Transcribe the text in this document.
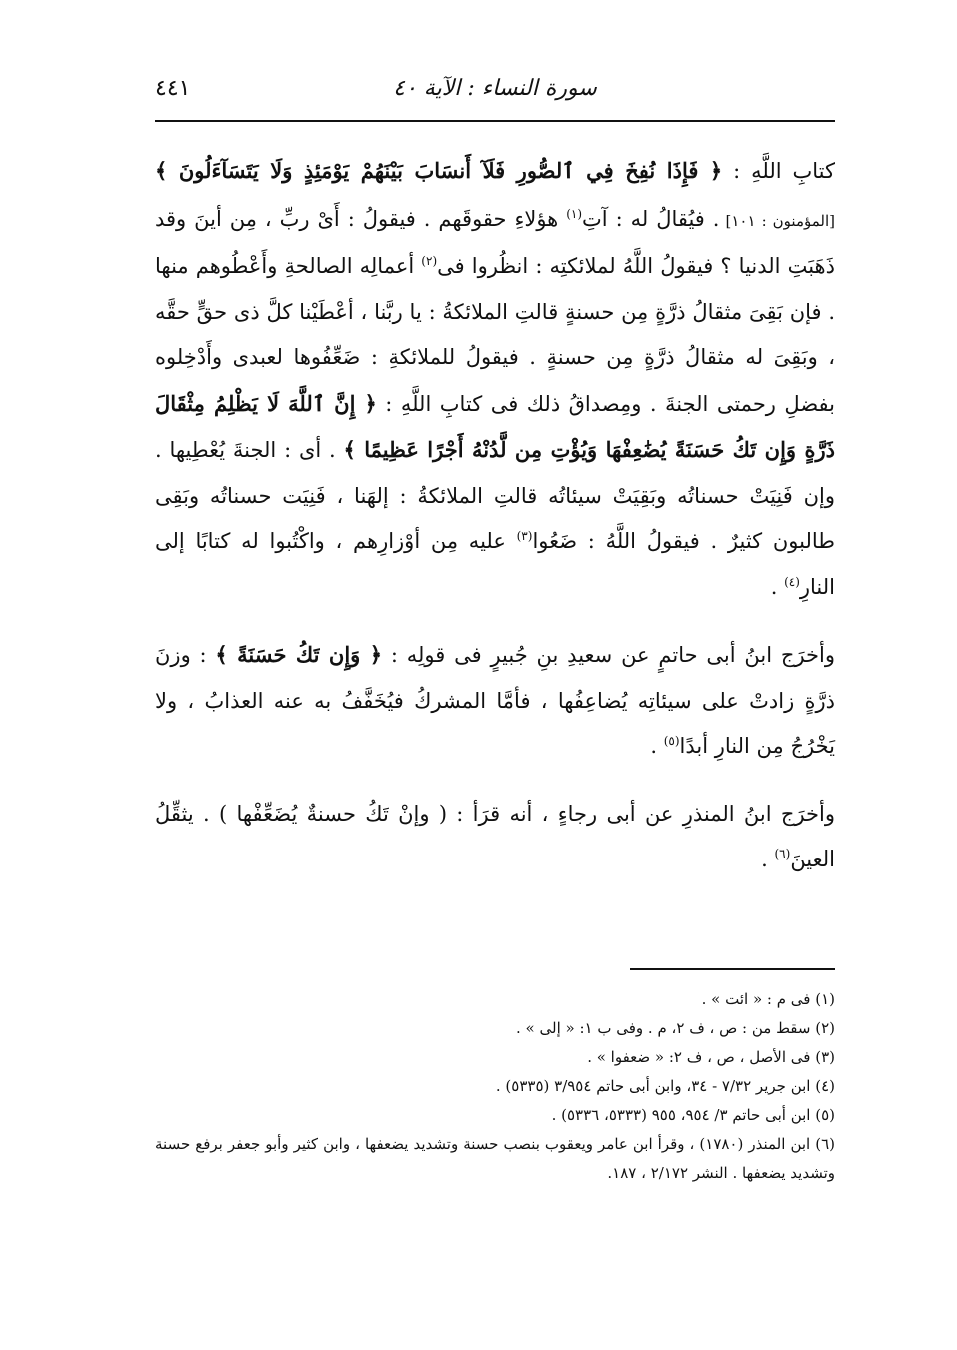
٤٤١	سورة النساء : الآية ٤٠

كتابِ اللَّهِ : ﴿ فَإِذَا نُفِخَ فِي ٱلصُّورِ فَلَآ أَنسَابَ بَيْنَهُمْ يَوْمَئِذٍ وَلَا يَتَسَآءَلُونَ ﴾ [المؤمنون : ١٠١] . فيُقالُ له : آتِ$^{(١)}$ هؤلاءِ حقوقَهم . فيقولُ : أَىْ ربِّ ، مِن أينَ وقد ذَهَبَتِ الدنيا ؟ فيقولُ اللَّهُ لملائكتِه : انظُروا فى$^{(٢)}$ أعمالِه الصالحةِ وأَعْطُوهم منها . فإن بَقِىَ مثقالُ ذرَّةٍ مِن حسنةٍ قالتِ الملائكةُ : يا ربَّنا ، أعْطَيْنا كلَّ ذى حقٍّ حقَّه ، وبَقِىَ له مثقالُ ذرَّةٍ مِن حسنةٍ . فيقولُ للملائكةِ : ضَعِّفُوها لعبدى وأَدْخِلوه بفضلِ رحمتى الجنةَ . ومِصداقُ ذلك فى كتابِ اللَّهِ : ﴿ إِنَّ ٱللَّهَ لَا يَظْلِمُ مِثْقَالَ ذَرَّةٍ وَإِن تَكُ حَسَنَةً يُضَٰعِفْهَا وَيُؤْتِ مِن لَّدُنْهُ أَجْرًا عَظِيمًا ﴾ . أى : الجنةَ يُعْطِيها . وإن فَنِيَتْ حسناتُه وبَقِيَتْ سيئاتُه قالتِ الملائكةُ : إلهَنا ، فَنِيَت حسناتُه وبَقِى طالبون كثيرٌ . فيقولُ اللَّهُ : ضَعُوا$^{(٣)}$ عليه مِن أوْزارِهم ، واكْتُبوا له كتابًا إلى النارِ$^{(٤)}$ .

وأخرَج ابنُ أبى حاتمٍ عن سعيدِ بنِ جُبيرٍ فى قولِه : ﴿ وَإِن تَكُ حَسَنَةً ﴾ : وزنَ ذرَّةٍ زادتْ على سيئاتِه يُضاعِفُها ، فأمَّا المشركُ فيُخَفَّفُ به عنه العذابُ ، ولا يَخْرُجُ مِن النارِ أبدًا$^{(٥)}$ .

وأخرَج ابنُ المنذرِ عن أبى رجاءٍ ، أنه قرَأ : ( وإنْ تَكُ حسنةٌ يُضَعِّفْها ) . يثقِّلُ العينَ$^{(٦)}$ .

(١) فى م : « ائت » .

(٢) سقط من : ص ، ف ٢، م . وفى ب ١: « إلى » .

(٣) فى الأصل ، ص ، ف ٢: « ضعفوا » .

(٤) ابن جرير ٧/٣٢ - ٣٤، وابن أبى حاتم ٣/٩٥٤ (٥٣٣٥) .

(٥) ابن أبى حاتم ٣/ ٩٥٤، ٩٥٥ (٥٣٣٣، ٥٣٣٦) .

(٦) ابن المنذر (١٧٨٠) ، وقرأ ابن عامر ويعقوب بنصب حسنة وتشديد يضعفها ، وابن كثير وأبو جعفر برفع حسنة وتشديد يضعفها . النشر ٢/١٧٢ ، ١٨٧.
